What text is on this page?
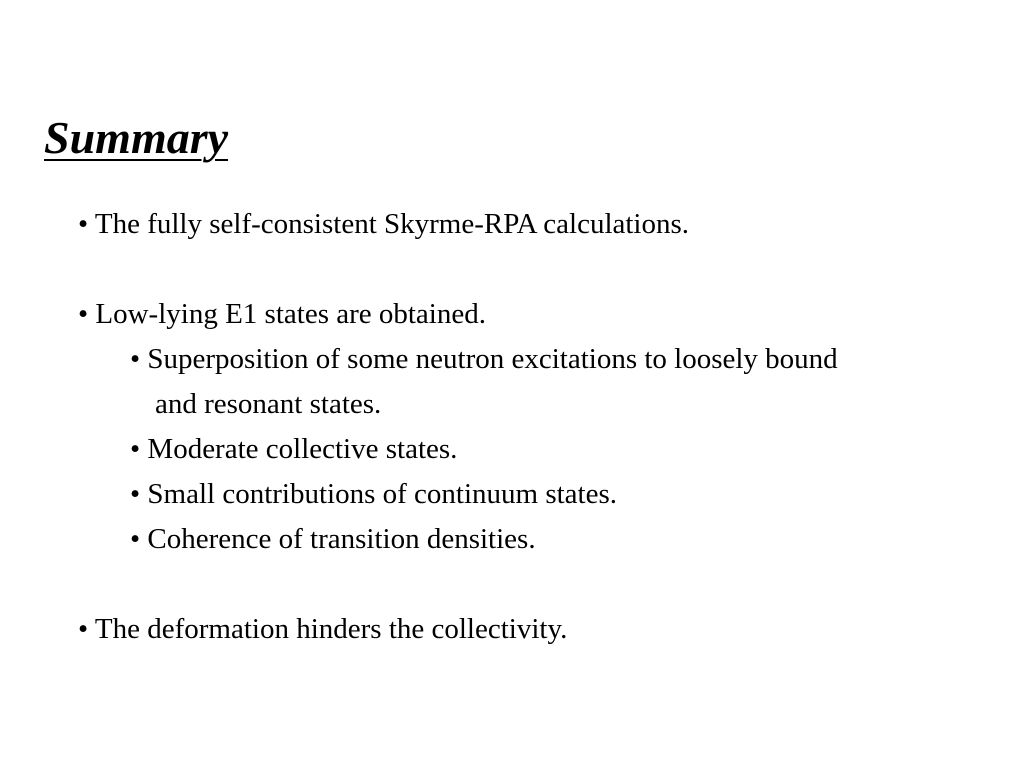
Summary
• The fully self-consistent Skyrme-RPA calculations.
• Low-lying E1 states are obtained.
• Superposition of some neutron excitations to loosely bound
and resonant states.
• Moderate collective states.
• Small contributions of continuum states.
• Coherence of transition densities.
• The deformation hinders the collectivity.
